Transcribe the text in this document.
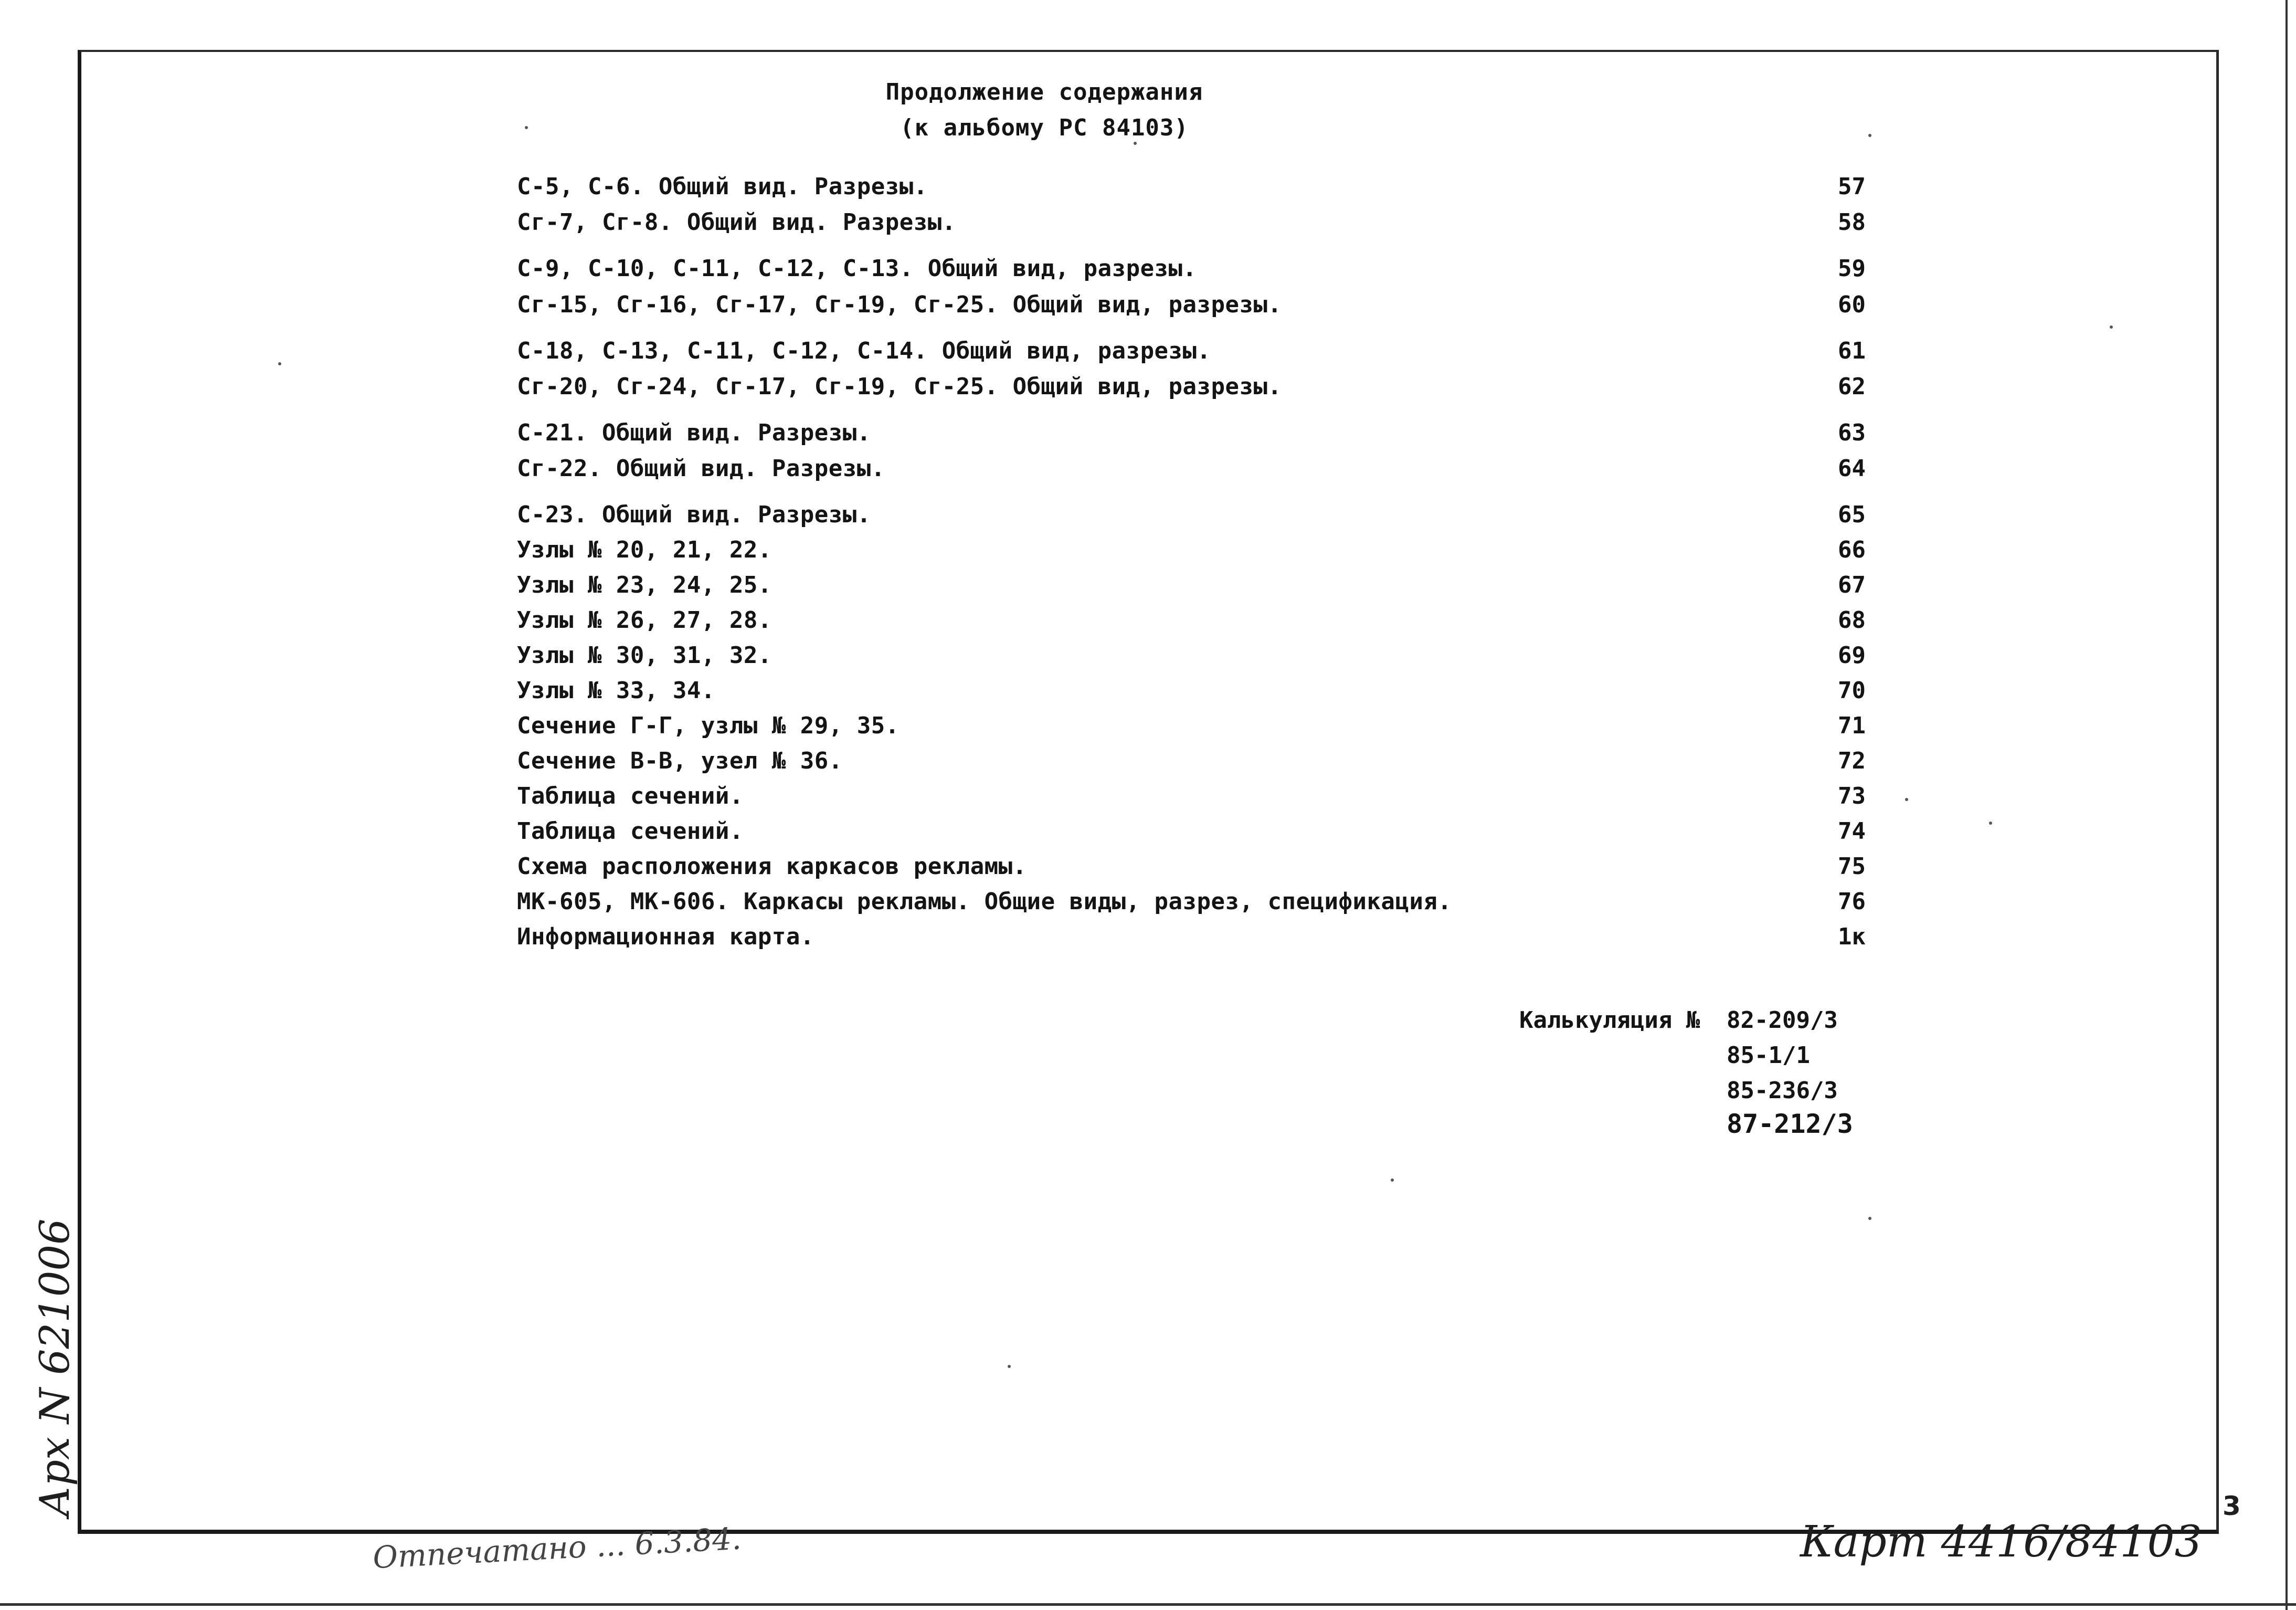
Продолжение содержания
(к альбому РС 84103)
С-5, С-6. Общий вид. Разрезы.	57
Сг-7, Сг-8. Общий вид. Разрезы.	58
С-9, С-10, С-11, С-12, С-13. Общий вид, разрезы.	59
Сг-15, Сг-16, Сг-17, Сг-19, Сг-25. Общий вид, разрезы.	60
С-18, С-13, С-11, С-12, С-14. Общий вид, разрезы.	61
Сг-20, Сг-24, Сг-17, Сг-19, Сг-25. Общий вид, разрезы.	62
С-21. Общий вид. Разрезы.	63
Сг-22. Общий вид. Разрезы.	64
С-23. Общий вид. Разрезы.	65
Узлы № 20, 21, 22.	66
Узлы № 23, 24, 25.	67
Узлы № 26, 27, 28.	68
Узлы № 30, 31, 32.	69
Узлы № 33, 34.	70
Сечение Г-Г, узлы № 29, 35.	71
Сечение В-В, узел № 36.	72
Таблица сечений.	73
Таблица сечений.	74
Схема расположения каркасов рекламы.	75
МК-605, МК-606. Каркасы рекламы. Общие виды, разрез, спецификация.	76
Информационная карта.	1к
Калькуляция № 82-209/3
85-1/1
85-236/3
87-212/3
Арх N 621006	3
Карт 4416/84103
Отпечатано ... 6.3.84.
